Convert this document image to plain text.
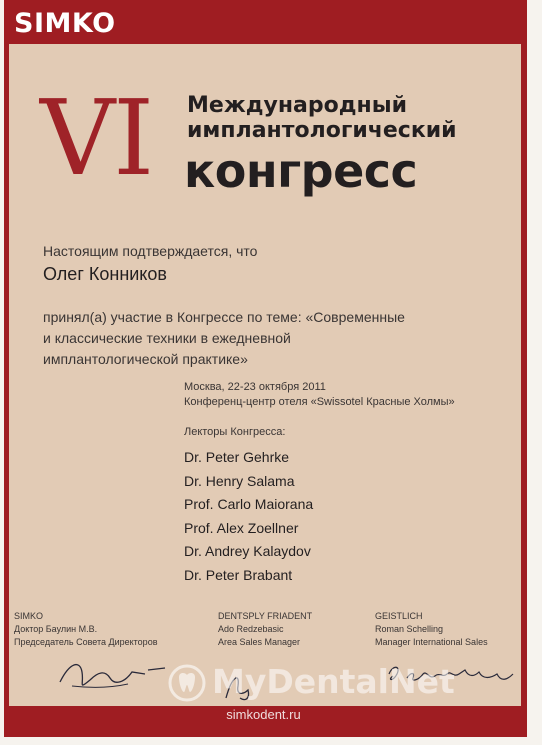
SIMKO
VI Международный
имплантологический
конгресс
Настоящим подтверждается, что
Олег Конников

принял(а) участие в Конгрессе по теме: «Современные
и классические техники в ежедневной
имплантологической практике»

Москва, 22-23 октября 2011
Конференц-центр отеля «Swissotel Красные Холмы»
Лекторы Конгресса:
Dr. Peter Gehrke
Dr. Henry Salama
Prof. Carlo Maiorana
Prof. Alex Zoellner
Dr. Andrey Kalaydov
Dr. Peter Brabant
SIMKO
Доктор Баулин М.В.
Председатель Совета Директоров
DENTSPLY FRIADENT
Ado Redzebasic
Area Sales Manager
GEISTLICH
Roman Schelling
Manager International Sales
MyDentalNet
simkodent.ru
